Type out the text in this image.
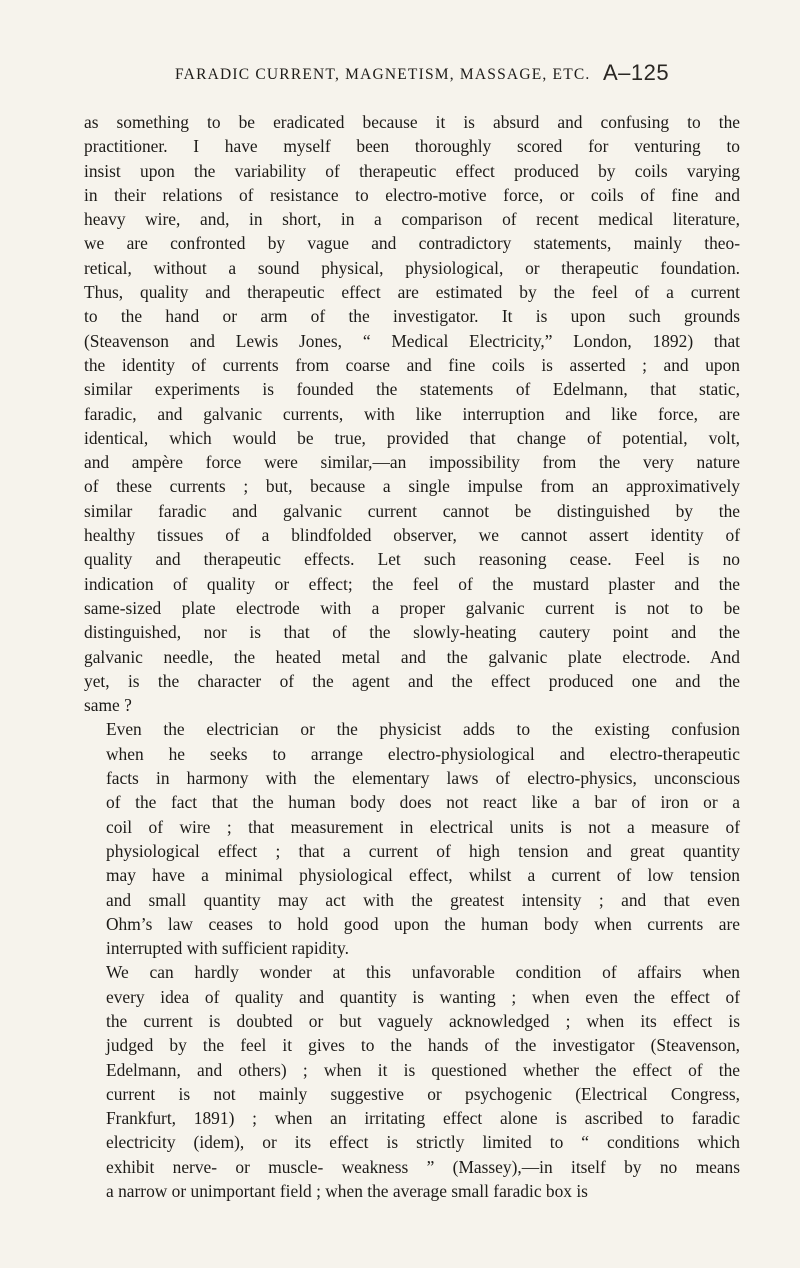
FARADIC CURRENT, MAGNETISM, MASSAGE, ETC. A–125

as something to be eradicated because it is absurd and confusing to the
practitioner. I have myself been thoroughly scored for venturing to
insist upon the variability of therapeutic effect produced by coils varying
in their relations of resistance to electro-motive force, or coils of fine and
heavy wire, and, in short, in a comparison of recent medical literature,
we are confronted by vague and contradictory statements, mainly theo-
retical, without a sound physical, physiological, or therapeutic foundation.
Thus, quality and therapeutic effect are estimated by the feel of a current
to the hand or arm of the investigator. It is upon such grounds
(Steavenson and Lewis Jones, “ Medical Electricity,” London, 1892) that
the identity of currents from coarse and fine coils is asserted ; and upon
similar experiments is founded the statements of Edelmann, that static,
faradic, and galvanic currents, with like interruption and like force, are
identical, which would be true, provided that change of potential, volt,
and ampère force were similar,—an impossibility from the very nature
of these currents ; but, because a single impulse from an approximatively
similar faradic and galvanic current cannot be distinguished by the
healthy tissues of a blindfolded observer, we cannot assert identity of
quality and therapeutic effects. Let such reasoning cease. Feel is no
indication of quality or effect; the feel of the mustard plaster and the
same-sized plate electrode with a proper galvanic current is not to be
distinguished, nor is that of the slowly-heating cautery point and the
galvanic needle, the heated metal and the galvanic plate electrode. And
yet, is the character of the agent and the effect produced one and the
same ?

Even the electrician or the physicist adds to the existing confusion
when he seeks to arrange electro-physiological and electro-therapeutic
facts in harmony with the elementary laws of electro-physics, unconscious
of the fact that the human body does not react like a bar of iron or a
coil of wire ; that measurement in electrical units is not a measure of
physiological effect ; that a current of high tension and great quantity
may have a minimal physiological effect, whilst a current of low tension
and small quantity may act with the greatest intensity ; and that even
Ohm’s law ceases to hold good upon the human body when currents are
interrupted with sufficient rapidity.

We can hardly wonder at this unfavorable condition of affairs when
every idea of quality and quantity is wanting ; when even the effect of
the current is doubted or but vaguely acknowledged ; when its effect is
judged by the feel it gives to the hands of the investigator (Steavenson,
Edelmann, and others) ; when it is questioned whether the effect of the
current is not mainly suggestive or psychogenic (Electrical Congress,
Frankfurt, 1891) ; when an irritating effect alone is ascribed to faradic
electricity (idem), or its effect is strictly limited to “ conditions which
exhibit nerve- or muscle- weakness ” (Massey),—in itself by no means
a narrow or unimportant field ; when the average small faradic box is
